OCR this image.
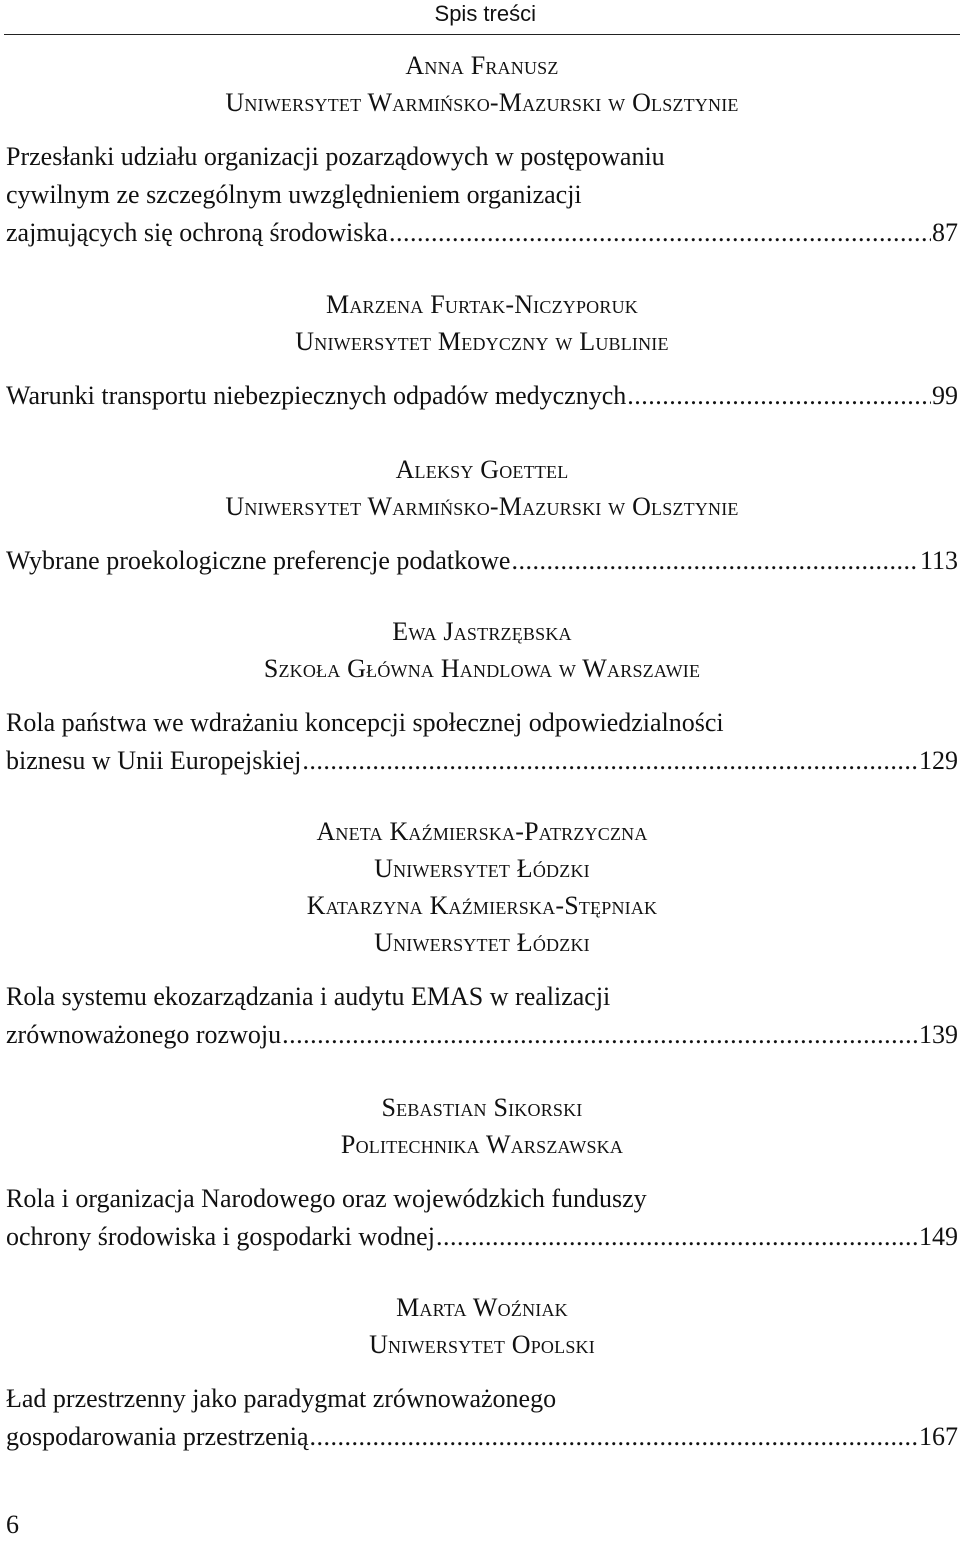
Spis treści
Anna Franusz
Uniwersytet Warmińsko-Mazurski w Olsztynie
Przesłanki udziału organizacji pozarządowych w postępowaniu
cywilnym ze szczególnym uwzględnieniem organizacji
zajmujących się ochroną środowiska .....	87
Marzena Furtak-Niczyporuk
Uniwersytet Medyczny w Lublinie
Warunki transportu niebezpiecznych odpadów medycznych .....	99
Aleksy Goettel
Uniwersytet Warmińsko-Mazurski w Olsztynie
Wybrane proekologiczne preferencje podatkowe .....	113
Ewa Jastrzębska
Szkoła Główna Handlowa w Warszawie
Rola państwa we wdrażaniu koncepcji społecznej odpowiedzialności
biznesu w Unii Europejskiej .....	129
Aneta Kaźmierska-Patrzyczna
Uniwersytet Łódzki
Katarzyna Kaźmierska-Stępniak
Uniwersytet Łódzki
Rola systemu ekozarządzania i audytu EMAS w realizacji
zrównoważonego rozwoju .....	139
Sebastian Sikorski
Politechnika Warszawska
Rola i organizacja Narodowego oraz wojewódzkich funduszy
ochrony środowiska i gospodarki wodnej .....	149
Marta Woźniak
Uniwersytet Opolski
Ład przestrzenny jako paradygmat zrównoważonego
gospodarowania przestrzenią .....	167
6
